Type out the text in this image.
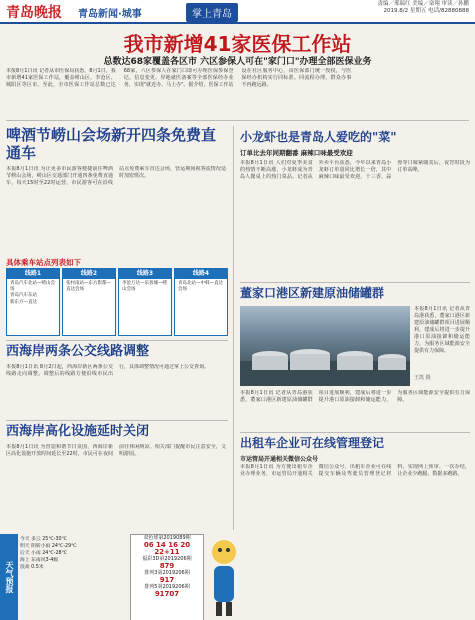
青岛晚报 青岛新闻·城事	掌上青岛
责编／邢瑞红 美编／栾翔 审读／孙鹏
2019.8/2 星期五 电话/82880888
我市新增41家医保工作站
总数达68家覆盖各区市 六区参保人可在"家门口"办理全部医保业务
本报8月1日讯 记者从市医保局获悉，8月1日，我市新增41家医保工作站，覆盖崂山区、李沧区、城阳区等区市。至此，全市医保工作站总数已达68家，六区参保人在家门口即可办理医保参保登记、信息变更、异地就医备案等全部医保经办业务，实现"就近办、马上办"。据介绍，医保工作站设在社区服务中心，由医保部门统一授权，与医保经办机构实行同标准、同流程办理，群众办事不再跑远路。
啤酒节崂山会场新开四条免费直通车
本报8月1日讯 为让更多市民游客便捷前往啤酒节崂山会场，崂山区交通部门开通四条免费直通车，每天15时至22时运营，市民游客可在沿线站点免费乘车直达会场，营运期间视客流情况适时加密班次。
具体乘车站点列表如下
线路1
青岛汽车北站—崂山会场
青岛汽车东站
新东方—直达
线路2
张村南站—东方影都—直达会场
线路3
李沧万达—乐客城—崂山会场
线路4
青岛北站—中韩—直达会场
西海岸两条公交线路调整
本报8月1日讯 8月2日起，西海岸新区两条公交线路走向调整。调整后的线路方便沿线市民出行，具体调整情况可通过掌上公交查询。
西海岸高化设施延时关闭
本报8月1日讯 为营造和谐节日氛围，西海岸新区高化设施开放时间延长至22时，市民可在夜间前往休闲纳凉。相关部门提醒市民注意安全，文明游园。
小龙虾也是青岛人爱吃的"菜"
订单比去年同期翻番 麻辣口味最受欢迎
本报8月1日讯 人们对夏季美食的热情不断高涨，小龙虾成为青岛人餐桌上的热门菜品。记者从外卖平台获悉，今年以来青岛小龙虾订单量同比增长一倍，其中麻辣口味最受欢迎，十三香、蒜蓉等口味紧随其后，夜宵时段为订单高峰。
董家口港区新建原油储罐群
王凯 摄
本报8月1日讯 记者从青岛港获悉，董家口港区新建原油储罐群项目进展顺利，建成后将进一步提升港口原油接卸和储运能力，为服务区域能源安全提供有力保障。
本报8月1日讯 记者从青岛港获悉，董家口港区新建原油储罐群项目进展顺利，建成后将进一步提升港口原油接卸和储运能力，为服务区域能源安全提供有力保障。
出租车企业可在线管理登记
市运管局开通相关微信公众号
本报8月1日讯 为方便出租车企业办理业务，市运管局开通相关微信公众号，出租车企业可在线提交车辆及驾驶员管理登记材料，实现网上预审、一次办结，让企业少跑腿、数据多跑路。
天气预报
今天 多云 25℃-30℃
明天 阴转小雨 24℃-29℃
后天 小雨 24℃-28℃
海上 东南风3-4级
浪高 0.5米
双色球第2019089期
06 14 16 20 22+11
福彩3D第2019206期
879
排列3第2019206期
917
排列5第2019206期
91707
